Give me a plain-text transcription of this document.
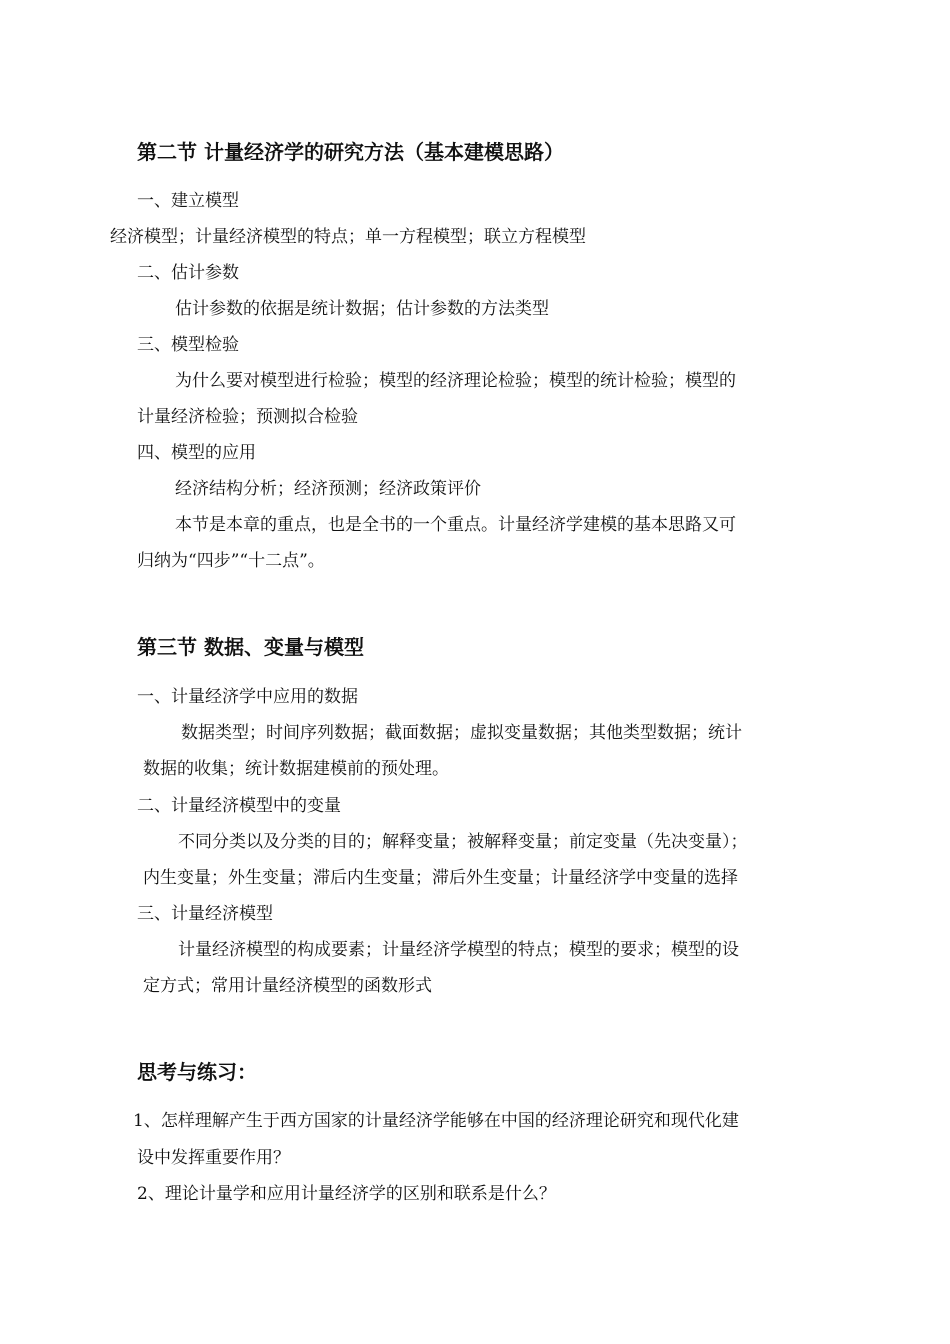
第二节 计量经济学的研究方法（基本建模思路）
一、建立模型
经济模型；计量经济模型的特点；单一方程模型；联立方程模型
二、估计参数
估计参数的依据是统计数据；估计参数的方法类型
三、模型检验
为什么要对模型进行检验；模型的经济理论检验；模型的统计检验；模型的
计量经济检验；预测拟合检验
四、模型的应用
经济结构分析；经济预测；经济政策评价
本节是本章的重点，也是全书的一个重点。计量经济学建模的基本思路又可
归纳为“四步”“十二点”。
第三节 数据、变量与模型
一、计量经济学中应用的数据
数据类型；时间序列数据；截面数据；虚拟变量数据；其他类型数据；统计
数据的收集；统计数据建模前的预处理。
二、计量经济模型中的变量
不同分类以及分类的目的；解释变量；被解释变量；前定变量（先决变量）；
内生变量；外生变量；滞后内生变量；滞后外生变量；计量经济学中变量的选择
三、计量经济模型
计量经济模型的构成要素；计量经济学模型的特点；模型的要求；模型的设
定方式；常用计量经济模型的函数形式
思考与练习：
1、怎样理解产生于西方国家的计量经济学能够在中国的经济理论研究和现代化建
设中发挥重要作用？
2、理论计量学和应用计量经济学的区别和联系是什么？
